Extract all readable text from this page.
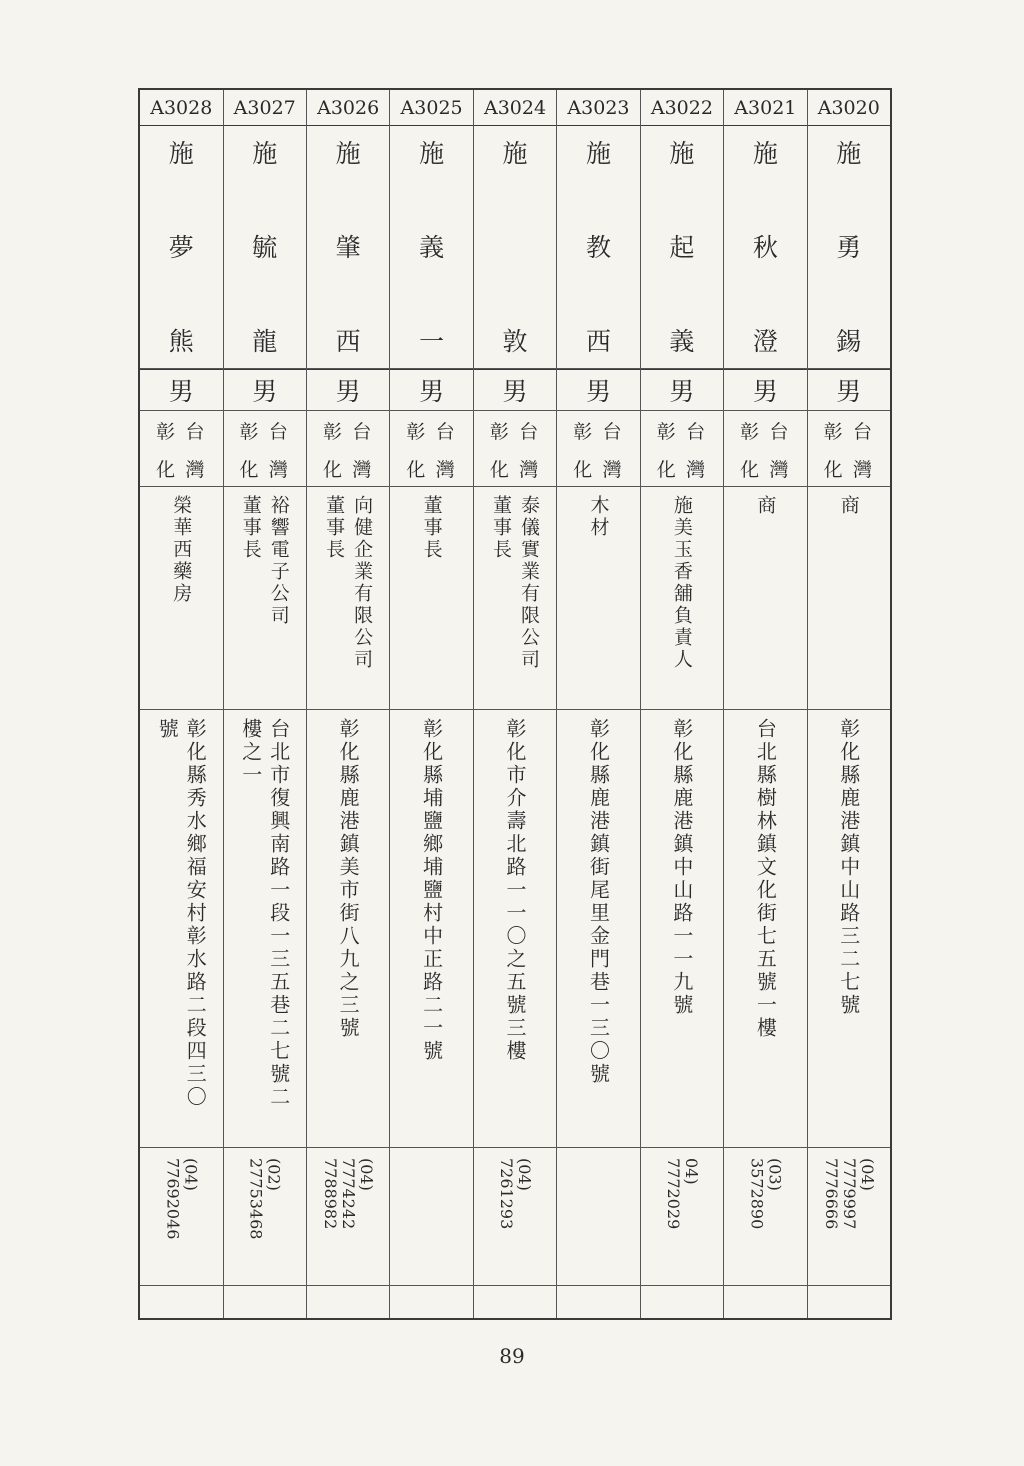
A3020
施
勇
錫
男
彰
化
台
灣
商
彰化縣鹿港鎮中山路三二七號
(04)
7779997
7776666
A3021
施
秋
澄
男
彰
化
台
灣
商
台北縣樹林鎮文化街七五號一樓
(03)
3572890
A3022
施
起
義
男
彰
化
台
灣
施美玉香舖負責人
彰化縣鹿港鎮中山路一一九號
04)
7772029
A3023
施
教
西
男
彰
化
台
灣
木材
彰化縣鹿港鎮街尾里金門巷一三〇號
A3024
施
敦
男
彰
化
台
灣
泰儀實業有限公司
董事長
彰化市介壽北路一一〇之五號三樓
(04)
7261293
A3025
施
義
一
男
彰
化
台
灣
董事長
彰化縣埔鹽鄉埔鹽村中正路二一號
A3026
施
肇
西
男
彰
化
台
灣
向健企業有限公司
董事長
彰化縣鹿港鎮美市街八九之三號
(04)
7774242
7788982
A3027
施
毓
龍
男
彰
化
台
灣
裕響電子公司
董事長
台北市復興南路一段一三五巷二七號二
樓之一
(02)
27753468
A3028
施
夢
熊
男
彰
化
台
灣
榮華西藥房
彰化縣秀水鄉福安村彰水路二段四三〇
號
(04)
77692046
89
